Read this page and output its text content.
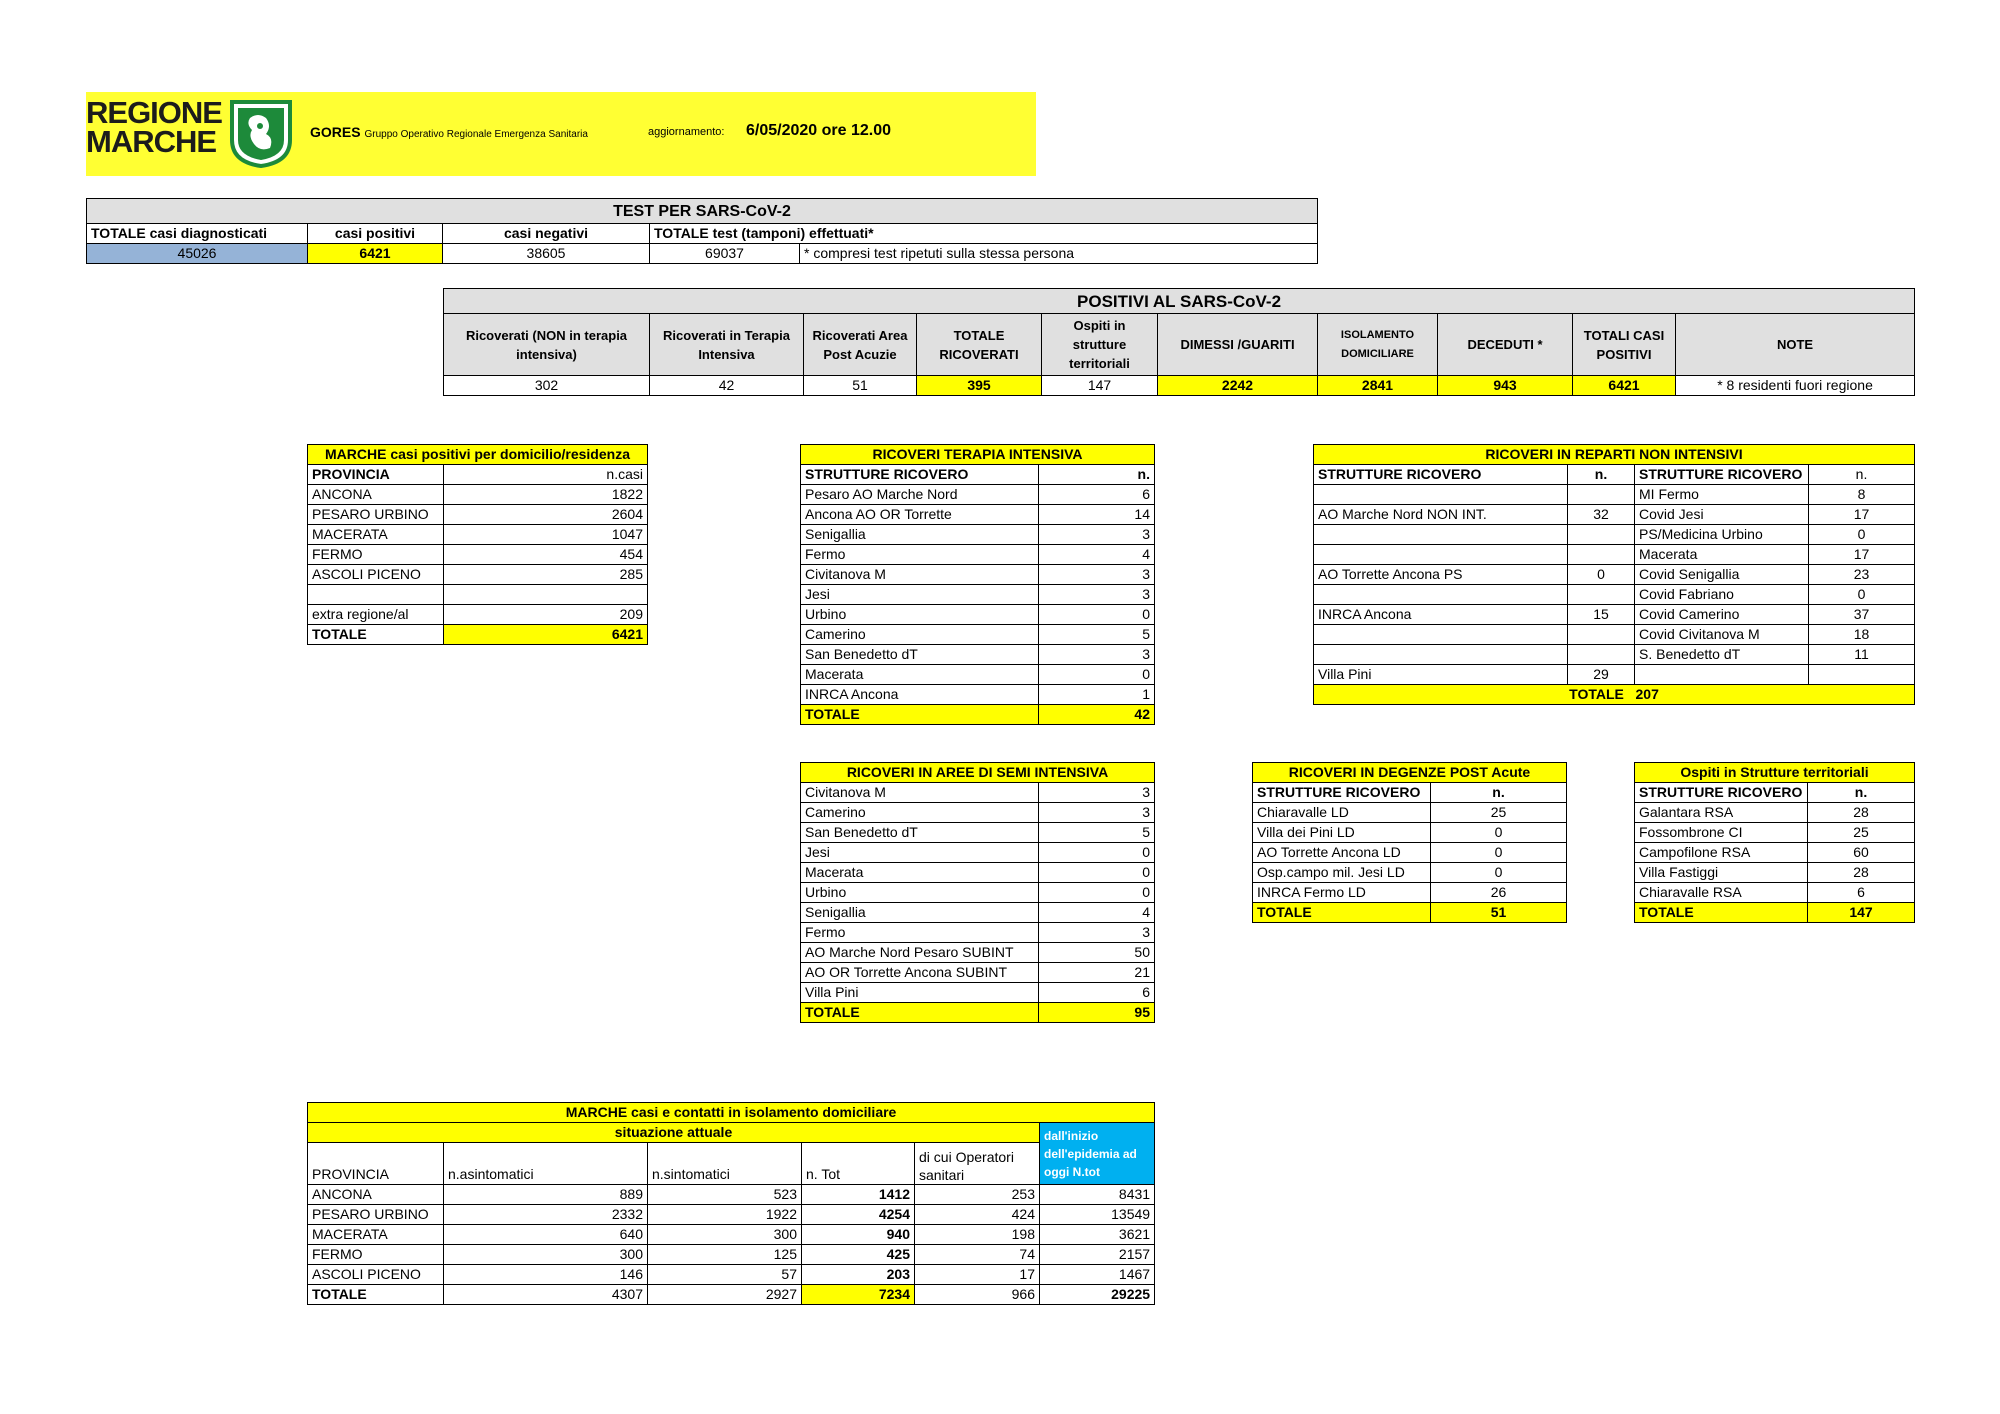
REGIONE
MARCHE	GORES Gruppo Operativo Regionale Emergenza Sanitaria	aggiornamento: 6/05/2020 ore 12.00
TEST PER SARS-CoV-2				
TOTALE casi diagnosticati	casi positivi	casi negativi	TOTALE test (tamponi) effettuati*	
45026	6421	38605	69037	* compresi test ripetuti sulla stessa persona
POSITIVI AL SARS-CoV-2									
Ricoverati (NON in terapia intensiva)	Ricoverati in Terapia Intensiva	Ricoverati Area Post Acuzie	TOTALE RICOVERATI	Ospiti in strutture territoriali	DIMESSI /GUARITI	ISOLAMENTO DOMICILIARE	DECEDUTI *	TOTALI CASI POSITIVI	NOTE
302	42	51	395	147	2242	2841	943	6421	* 8 residenti fuori regione
MARCHE casi positivi per domicilio/residenza	
PROVINCIA	n.casi
ANCONA	1822
PESARO URBINO	2604
MACERATA	1047
FERMO	454
ASCOLI PICENO	285

extra regione/al	209
TOTALE	6421
RICOVERI TERAPIA INTENSIVA	
STRUTTURE RICOVERO	n.
Pesaro AO Marche Nord	6
Ancona AO OR Torrette	14
Senigallia	3
Fermo	4
Civitanova M	3
Jesi	3
Urbino	0
Camerino	5
San Benedetto dT	3
Macerata	0
INRCA Ancona	1
TOTALE	42
RICOVERI IN REPARTI NON INTENSIVI			
STRUTTURE RICOVERO	n.	STRUTTURE RICOVERO	n.
		MI Fermo	8
AO Marche Nord NON INT.	32	Covid Jesi	17
		PS/Medicina Urbino	0
		Macerata	17
AO Torrette Ancona PS	0	Covid Senigallia	23
		Covid Fabriano	0
INRCA Ancona	15	Covid Camerino	37
		Covid Civitanova M	18
		S. Benedetto dT	11
Villa Pini	29		
TOTALE   207			
RICOVERI IN AREE DI SEMI INTENSIVA	
Civitanova M	3
Camerino	3
San Benedetto dT	5
Jesi	0
Macerata	0
Urbino	0
Senigallia	4
Fermo	3
AO Marche Nord Pesaro SUBINT	50
AO OR Torrette Ancona SUBINT	21
Villa Pini	6
TOTALE	95
RICOVERI IN DEGENZE POST Acute	
STRUTTURE RICOVERO	n.
Chiaravalle LD	25
Villa dei Pini LD	0
AO Torrette Ancona LD	0
Osp.campo mil. Jesi LD	0
INRCA Fermo LD	26
TOTALE	51
Ospiti in Strutture territoriali	
STRUTTURE RICOVERO	n.
Galantara RSA	28
Fossombrone CI	25
Campofilone RSA	60
Villa Fastiggi	28
Chiaravalle RSA	6
TOTALE	147
MARCHE casi e contatti in isolamento domiciliare					
situazione attuale					dall'inizio dell'epidemia ad oggi N.tot
PROVINCIA	n.asintomatici	n.sintomatici	n. Tot	di cui Operatori sanitari	
ANCONA	889	523	1412	253	8431
PESARO URBINO	2332	1922	4254	424	13549
MACERATA	640	300	940	198	3621
FERMO	300	125	425	74	2157
ASCOLI PICENO	146	57	203	17	1467
TOTALE	4307	2927	7234	966	29225
